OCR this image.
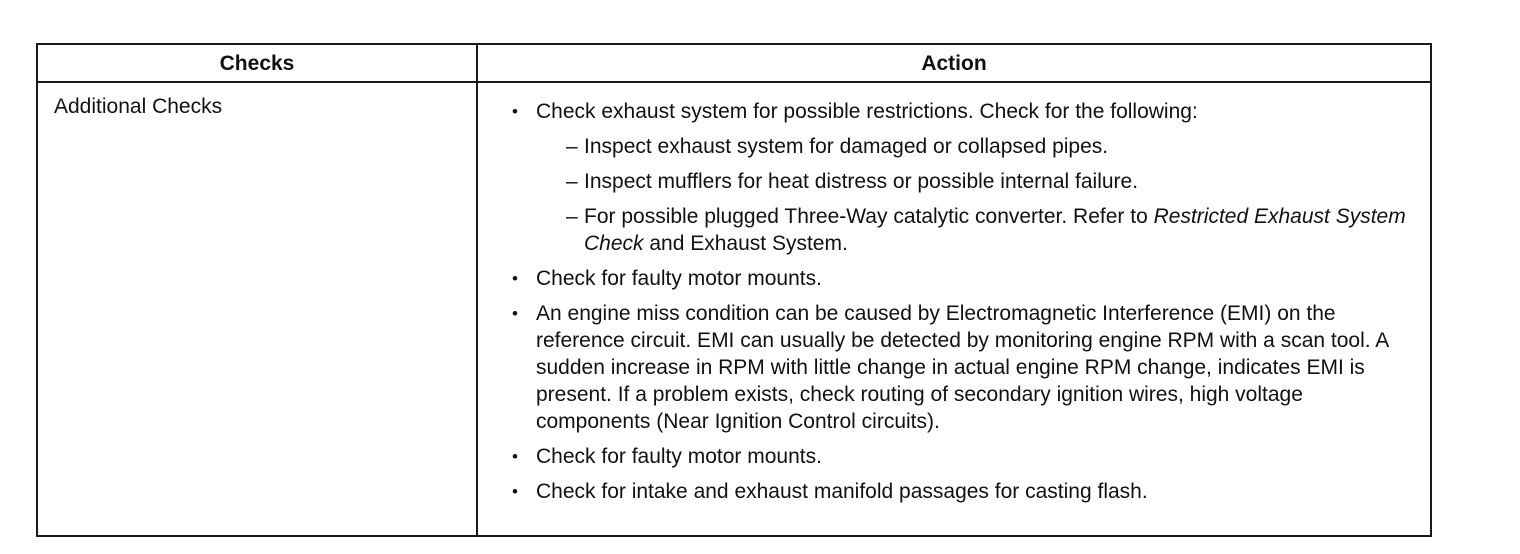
Checks	Action
Additional Checks	• Check exhaust system for possible restrictions. Check for the following:
– Inspect exhaust system for damaged or collapsed pipes.
– Inspect mufflers for heat distress or possible internal failure.
– For possible plugged Three-Way catalytic converter. Refer to Restricted Exhaust System Check and Exhaust System.
• Check for faulty motor mounts.
• An engine miss condition can be caused by Electromagnetic Interference (EMI) on the reference circuit. EMI can usually be detected by monitoring engine RPM with a scan tool. A sudden increase in RPM with little change in actual engine RPM change, indicates EMI is present. If a problem exists, check routing of secondary ignition wires, high voltage components (Near Ignition Control circuits).
• Check for faulty motor mounts.
• Check for intake and exhaust manifold passages for casting flash.
